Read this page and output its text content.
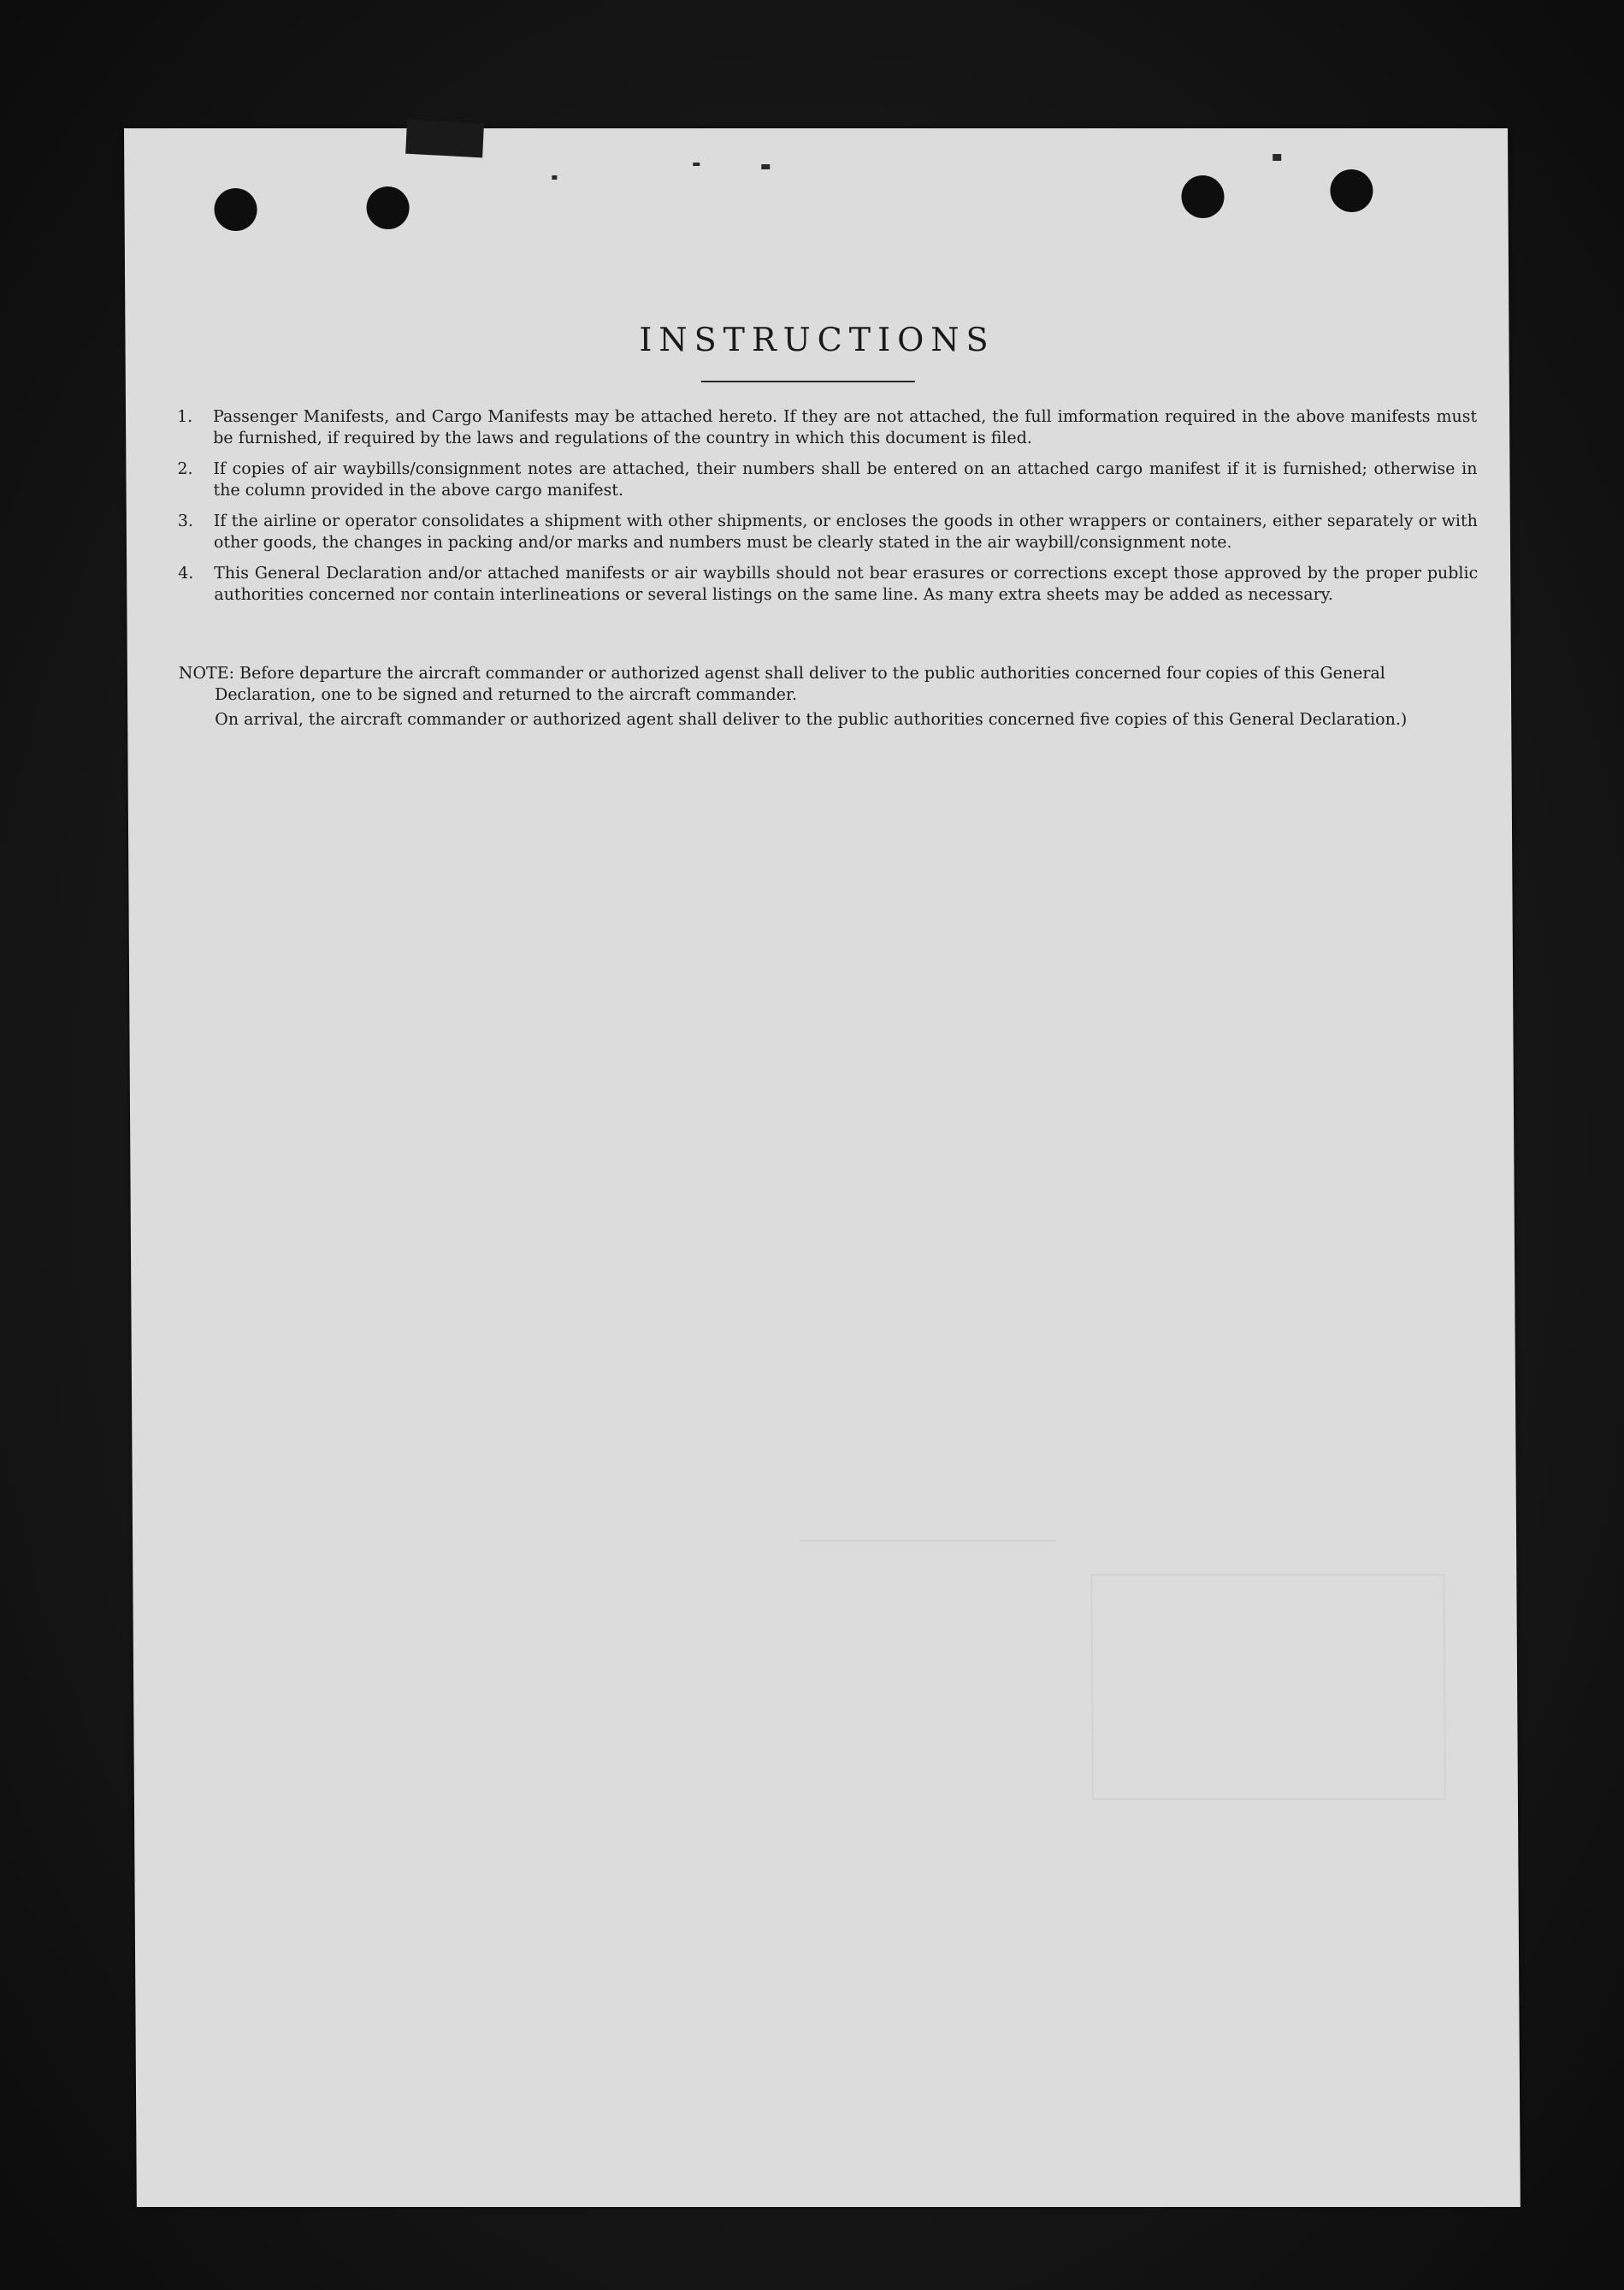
INSTRUCTIONS
1. Passenger Manifests, and Cargo Manifests may be attached hereto. If they are not attached, the full imformation required in the above manifests must be furnished, if required by the laws and regulations of the country in which this document is filed.
2. If copies of air waybills/consignment notes are attached, their numbers shall be entered on an attached cargo manifest if it is furnished; otherwise in the column provided in the above cargo manifest.
3. If the airline or operator consolidates a shipment with other shipments, or encloses the goods in other wrappers or containers, either separately or with other goods, the changes in packing and/or marks and numbers must be clearly stated in the air waybill/consignment note.
4. This General Declaration and/or attached manifests or air waybills should not bear erasures or corrections except those approved by the proper public authorities concerned nor contain interlineations or several listings on the same line. As many extra sheets may be added as necessary.

NOTE: Before departure the aircraft commander or authorized agenst shall deliver to the public authorities concerned four copies of this General Declaration, one to be signed and returned to the aircraft commander.

On arrival, the aircraft commander or authorized agent shall deliver to the public authorities concerned five copies of this General Declaration.)
